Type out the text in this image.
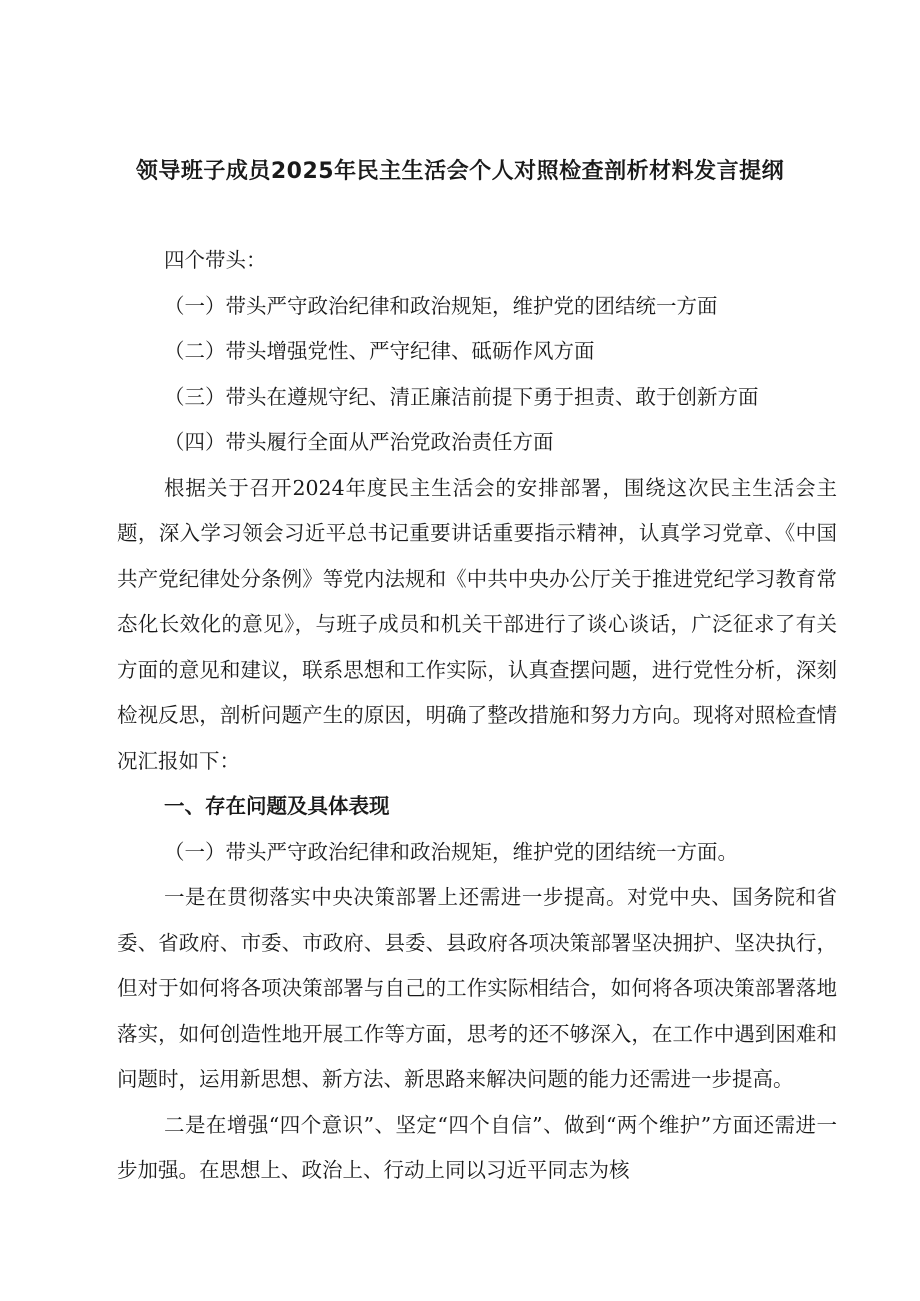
领导班子成员2025年民主生活会个人对照检查剖析材料发言提纲
四个带头：
（一）带头严守政治纪律和政治规矩，维护党的团结统一方面
（二）带头增强党性、严守纪律、砥砺作风方面
（三）带头在遵规守纪、清正廉洁前提下勇于担责、敢于创新方面
（四）带头履行全面从严治党政治责任方面

根据关于召开2024年度民主生活会的安排部署，围绕这次民主生活会主题，深入学习领会习近平总书记重要讲话重要指示精神，认真学习党章、《中国共产党纪律处分条例》等党内法规和《中共中央办公厅关于推进党纪学习教育常态化长效化的意见》，与班子成员和机关干部进行了谈心谈话，广泛征求了有关方面的意见和建议，联系思想和工作实际，认真查摆问题，进行党性分析，深刻检视反思，剖析问题产生的原因，明确了整改措施和努力方向。现将对照检查情况汇报如下：

一、存在问题及具体表现
（一）带头严守政治纪律和政治规矩，维护党的团结统一方面。

一是在贯彻落实中央决策部署上还需进一步提高。对党中央、国务院和省委、省政府、市委、市政府、县委、县政府各项决策部署坚决拥护、坚决执行，但对于如何将各项决策部署与自己的工作实际相结合，如何将各项决策部署落地落实，如何创造性地开展工作等方面，思考的还不够深入，在工作中遇到困难和问题时，运用新思想、新方法、新思路来解决问题的能力还需进一步提高。

二是在增强“四个意识”、坚定“四个自信”、做到“两个维护”方面还需进一步加强。在思想上、政治上、行动上同以习近平同志为核
